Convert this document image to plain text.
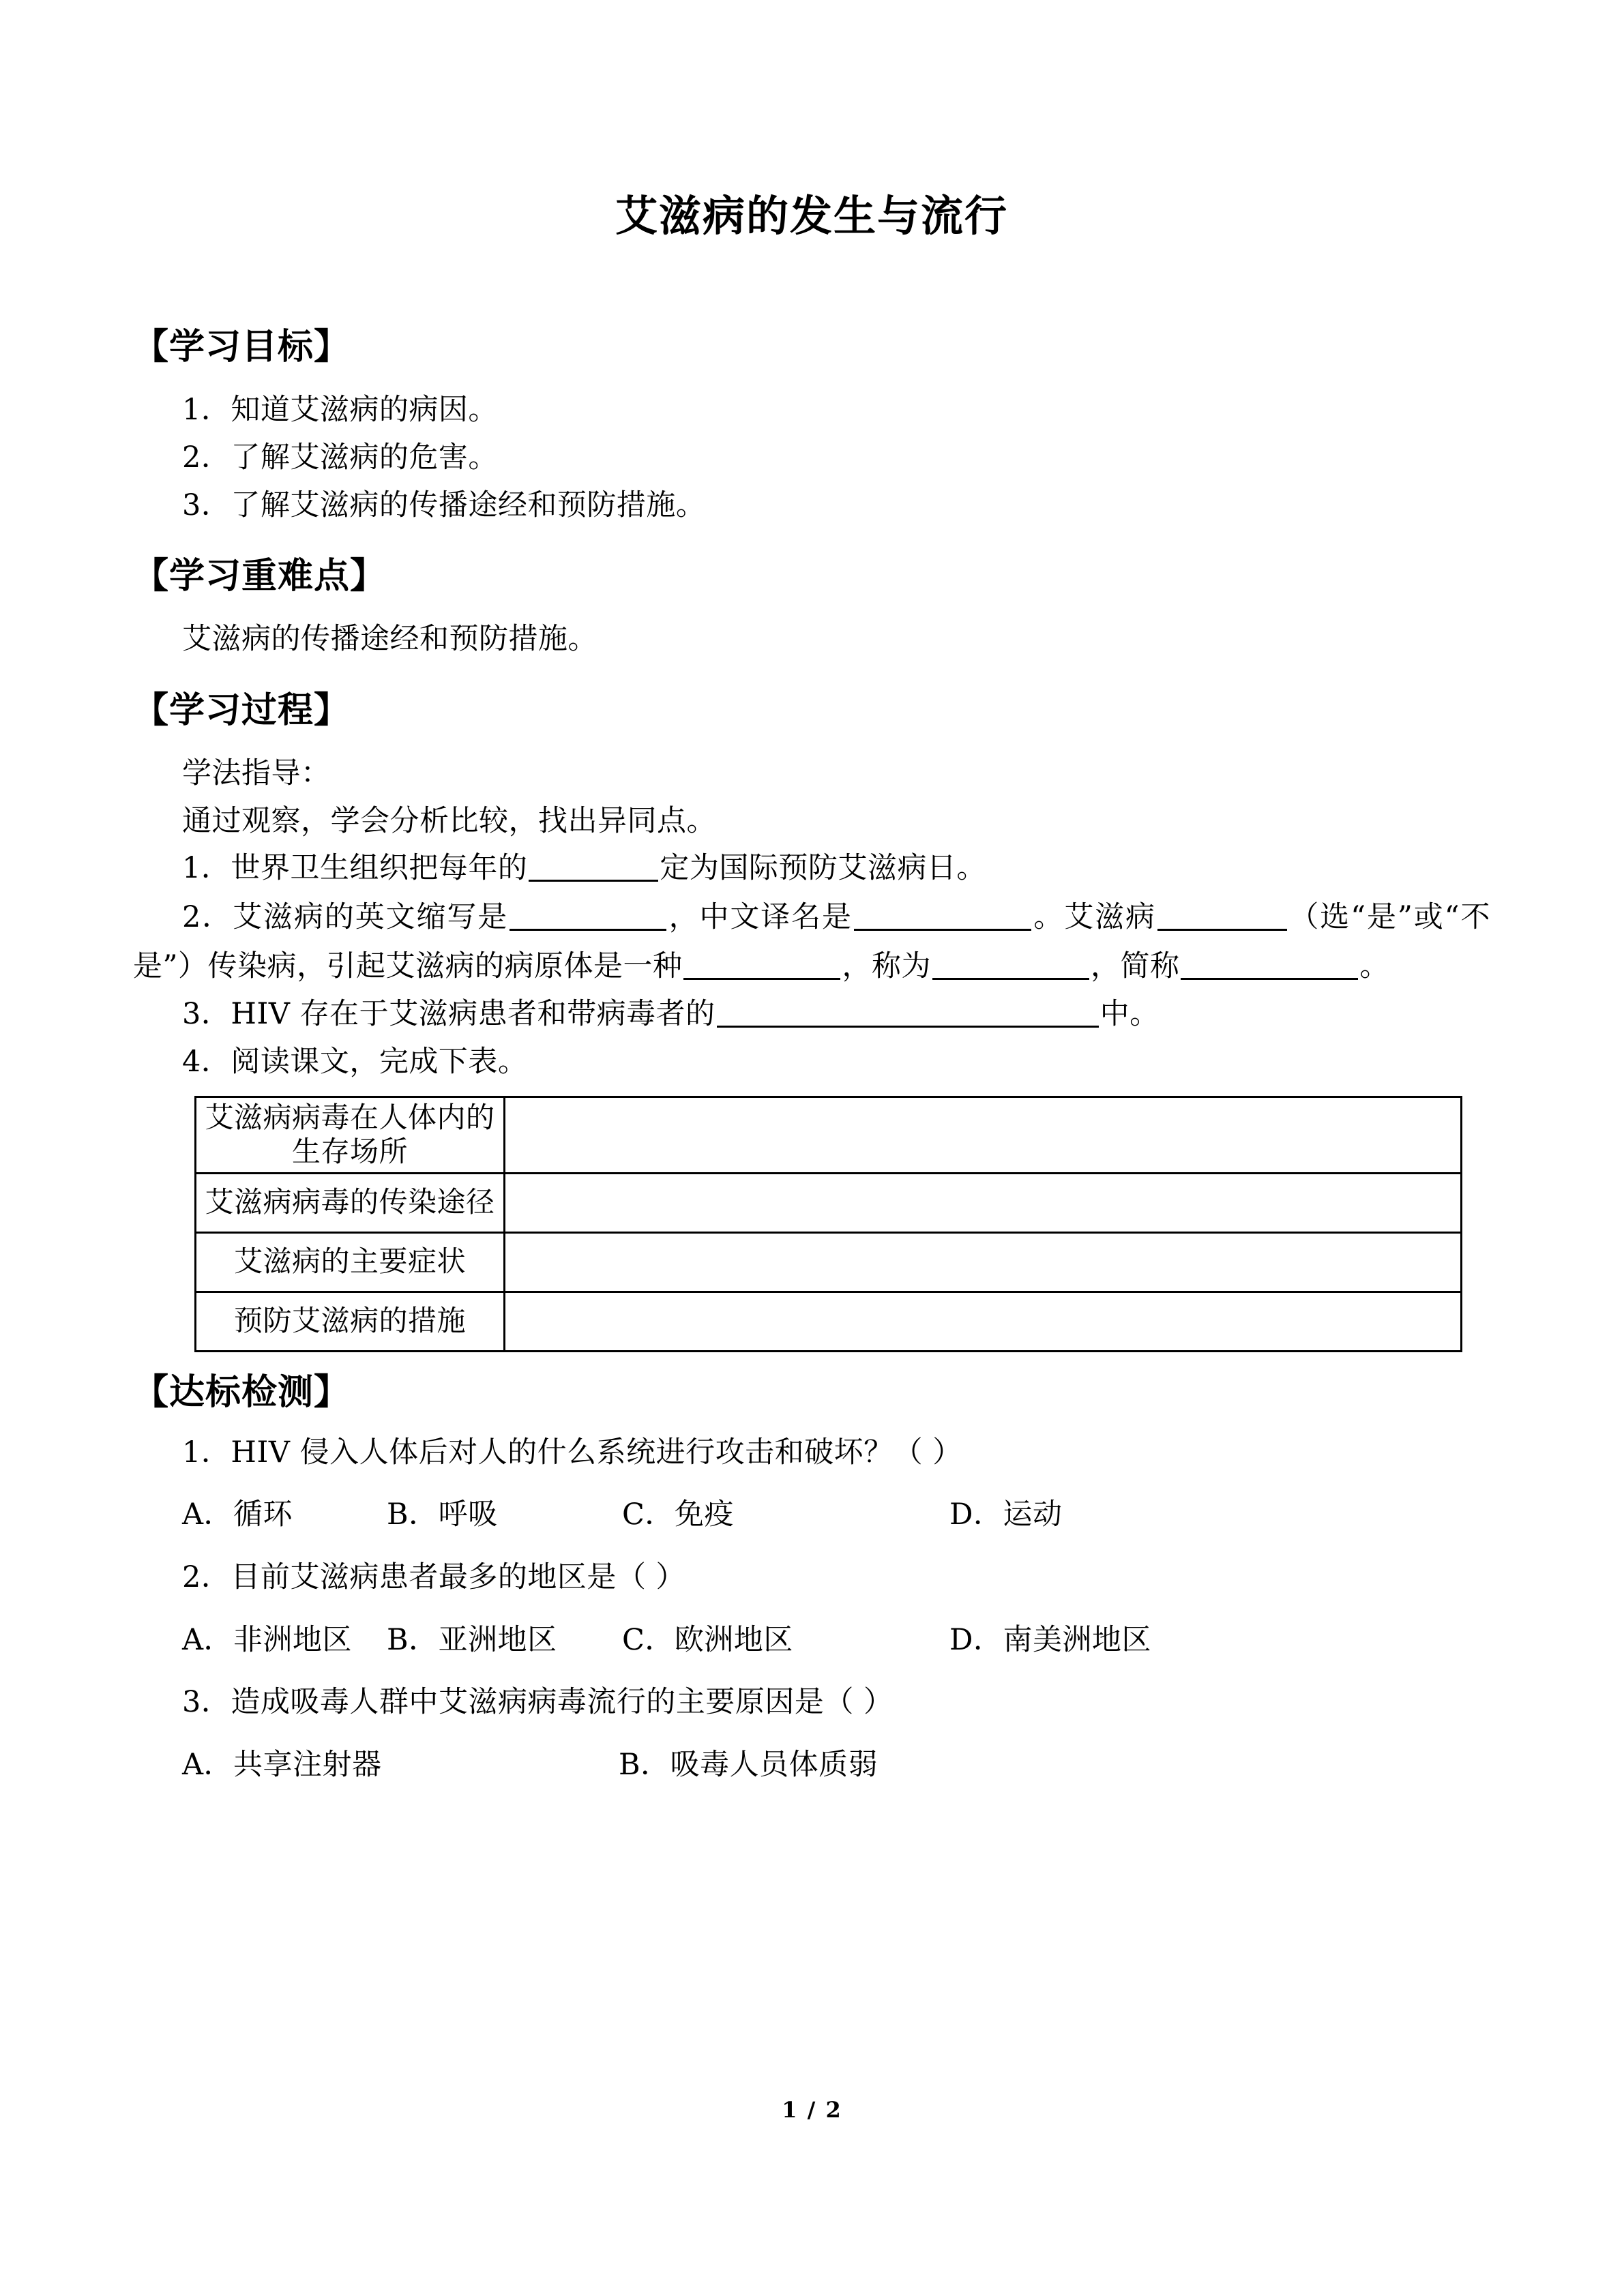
艾滋病的发生与流行
【学习目标】
1．知道艾滋病的病因。
2．了解艾滋病的危害。
3．了解艾滋病的传播途经和预防措施。
【学习重难点】
艾滋病的传播途经和预防措施。
【学习过程】
学法指导：
通过观察，学会分析比较，找出异同点。
1．世界卫生组织把每年的	定为国际预防艾滋病日。
2．艾滋病的英文缩写是	，中文译名是	。艾滋病	（选“是”或“不是”）传染病，引起艾滋病的病原体是一种	，称为	，简称	。
3．HIV 存在于艾滋病患者和带病毒者的	中。
4．阅读课文，完成下表。
艾滋病病毒在人体内的生存场所	
艾滋病病毒的传染途径	
艾滋病的主要症状	
预防艾滋病的措施	
【达标检测】
1．HIV 侵入人体后对人的什么系统进行攻击和破坏？（ ）
A．循环	B．呼吸	C．免疫	D．运动
2．目前艾滋病患者最多的地区是（ ）
A．非洲地区	B．亚洲地区	C．欧洲地区	D．南美洲地区
3．造成吸毒人群中艾滋病病毒流行的主要原因是（ ）
A．共享注射器	B．吸毒人员体质弱
1 / 2
